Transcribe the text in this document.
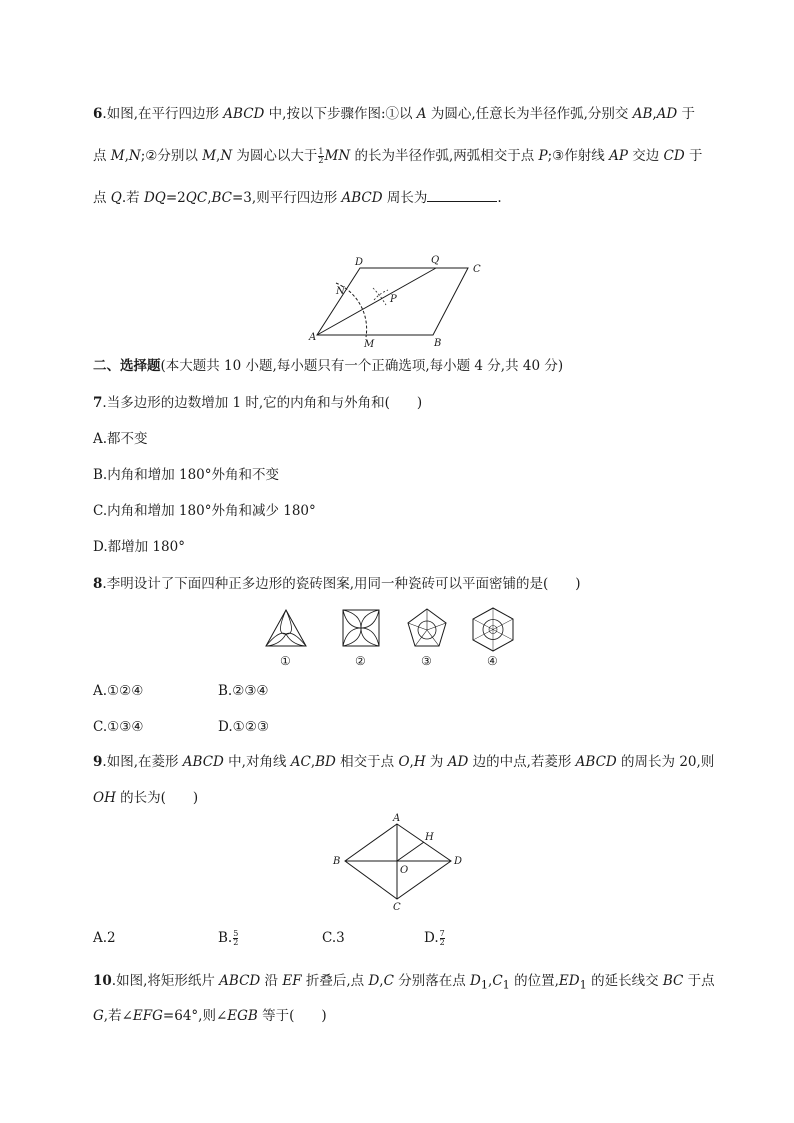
6.如图,在平行四边形 ABCD 中,按以下步骤作图:①以 A 为圆心,任意长为半径作弧,分别交 AB,AD 于
点 M,N;②分别以 M,N 为圆心以大于 $\frac{1}{2}$ MN 的长为半径作弧,两弧相交于点 P;③作射线 AP 交边 CD 于
点 Q.若 DQ=2QC,BC=3,则平行四边形 ABCD 周长为	.
D	Q
C
N
P
A
M	B
二、选择题(本大题共 10 小题,每小题只有一个正确选项,每小题 4 分,共 40 分)
7.当多边形的边数增加 1 时,它的内角和与外角和(　　)
A.都不变
B.内角和增加 180°外角和不变
C.内角和增加 180°外角和减少 180°
D.都增加 180°
8.李明设计了下面四种正多边形的瓷砖图案,用同一种瓷砖可以平面密铺的是(　　)
①	②	③	④
A.①②④	B.②③④
C.①③④	D.①②③
9.如图,在菱形 ABCD 中,对角线 AC,BD 相交于点 O,H 为 AD 边的中点,若菱形 ABCD 的周长为 20,则
OH 的长为(　　)
A
H
B
O
D
C
A.2	B. $\frac{5}{2}$	C.3	D. $\frac{7}{2}$
10.如图,将矩形纸片 ABCD 沿 EF 折叠后,点 D,C 分别落在点 $D_1,C_1$ 的位置$,ED_1$ 的延长线交 BC 于点
G,若∠EFG=64°,则∠EGB 等于(　　)
